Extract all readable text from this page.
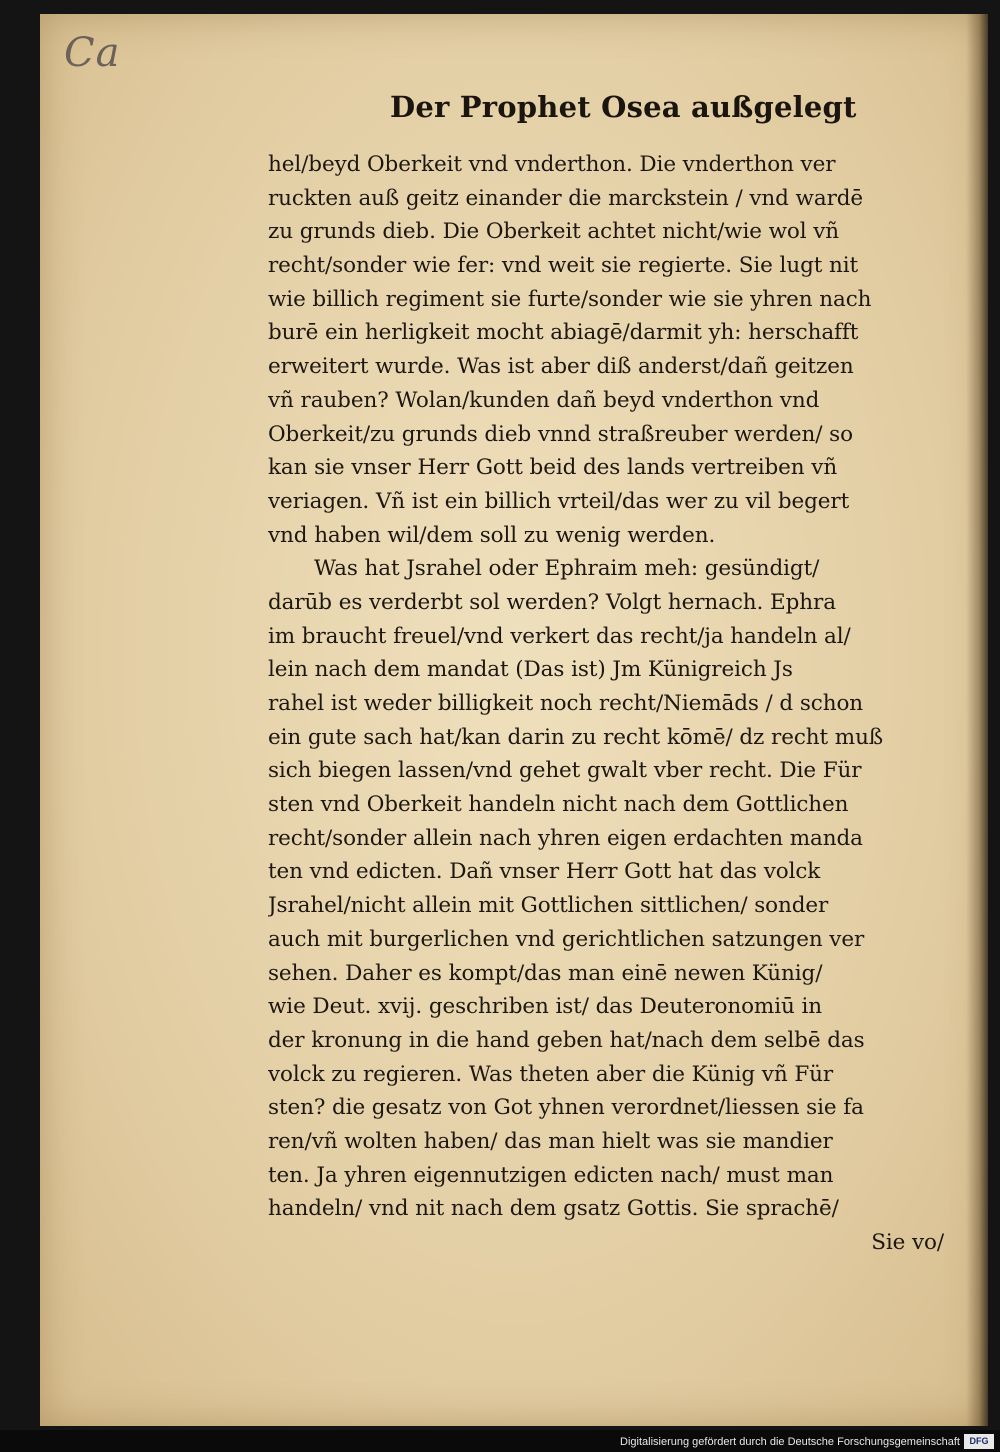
Ca
Der Prophet Osea außgelegt
hel/beyd Oberkeit vnd vnderthon. Die vnderthon ver
ruckten auß geitz einander die marckstein / vnd wardē
zu grunds dieb. Die Oberkeit achtet nicht/wie wol vñ
recht/sonder wie fer: vnd weit sie regierte. Sie lugt nit
wie billich regiment sie furte/sonder wie sie yhren nach
burē ein herligkeit mocht abiagē/darmit yh: herschafft
erweitert wurde. Was ist aber diß anderst/dañ geitzen
vñ rauben? Wolan/kunden dañ beyd vnderthon vnd
Oberkeit/zu grunds dieb vnnd straßreuber werden/ so
kan sie vnser Herr Gott beid des lands vertreiben vñ
veriagen. Vñ ist ein billich vrteil/das wer zu vil begert
vnd haben wil/dem soll zu wenig werden.
Was hat Jsrahel oder Ephraim meh: gesündigt/
darūb es verderbt sol werden? Volgt hernach. Ephra
im braucht freuel/vnd verkert das recht/ja handeln al/
lein nach dem mandat (Das ist) Jm Künigreich Js
rahel ist weder billigkeit noch recht/Niemāds / d schon
ein gute sach hat/kan darin zu recht kōmē/ dz recht muß
sich biegen lassen/vnd gehet gwalt vber recht. Die Für
sten vnd Oberkeit handeln nicht nach dem Gottlichen
recht/sonder allein nach yhren eigen erdachten manda
ten vnd edicten. Dañ vnser Herr Gott hat das volck
Jsrahel/nicht allein mit Gottlichen sittlichen/ sonder
auch mit burgerlichen vnd gerichtlichen satzungen ver
sehen. Daher es kompt/das man einē newen Künig/
wie Deut. xvij. geschriben ist/ das Deuteronomiū in
der kronung in die hand geben hat/nach dem selbē das
volck zu regieren. Was theten aber die Künig vñ Für
sten? die gesatz von Got yhnen verordnet/liessen sie fa
ren/vñ wolten haben/ das man hielt was sie mandier
ten. Ja yhren eigennutzigen edicten nach/ must man
handeln/ vnd nit nach dem gsatz Gottis. Sie sprachē/
Sie vo/
Digitalisierung gefördert durch die Deutsche Forschungsgemeinschaft	DFG
